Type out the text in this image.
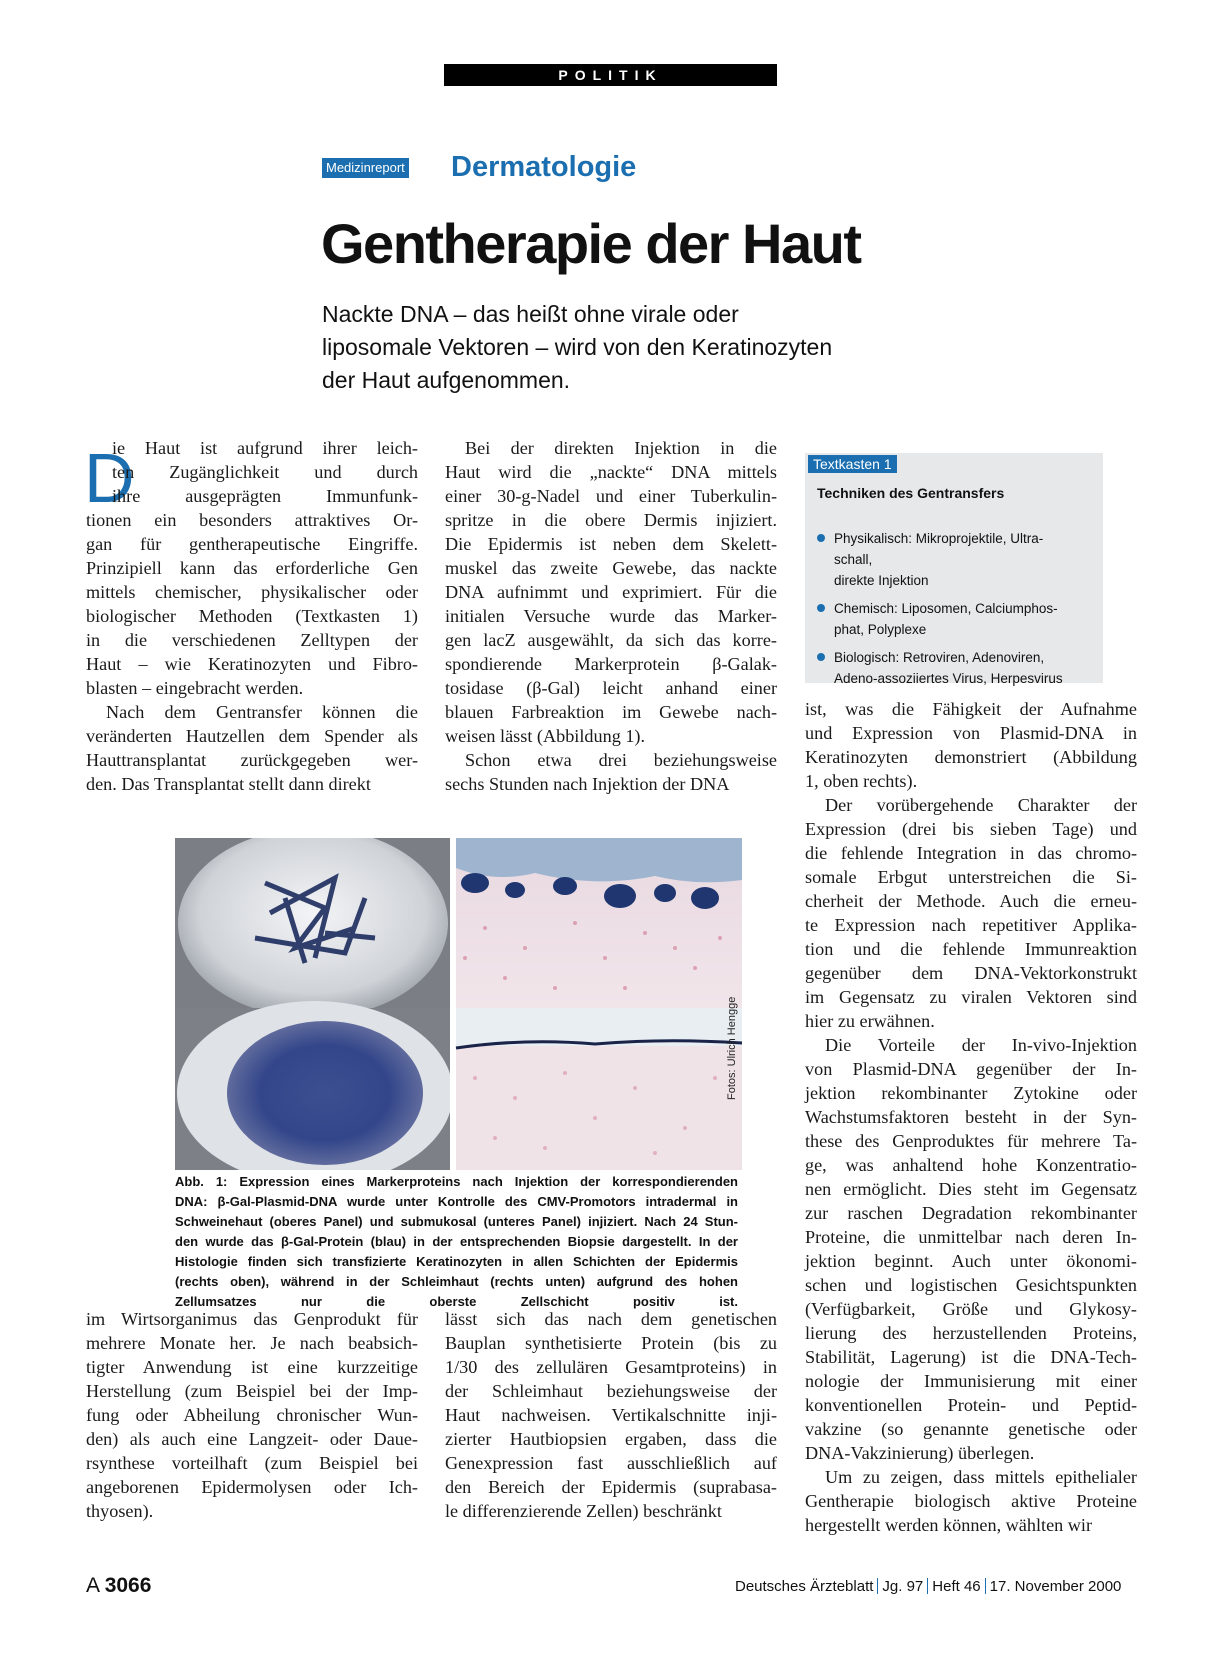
POLITIK
Medizinreport Dermatologie
Gentherapie der Haut
Nackte DNA – das heißt ohne virale oder
liposomale Vektoren – wird von den Keratinozyten
der Haut aufgenommen.
D
ie Haut ist aufgrund ihrer leich-
ten Zugänglichkeit und durch
ihre ausgeprägten Immunfunk-
tionen ein besonders attraktives Or-
gan für gentherapeutische Eingriffe.
Prinzipiell kann das erforderliche Gen
mittels chemischer, physikalischer oder
biologischer Methoden (Textkasten 1)
in die verschiedenen Zelltypen der
Haut – wie Keratinozyten und Fibro-
blasten – eingebracht werden.
Nach dem Gentransfer können die
veränderten Hautzellen dem Spender als
Hauttransplantat zurückgegeben wer-
den. Das Transplantat stellt dann direkt
Bei der direkten Injektion in die
Haut wird die „nackte“ DNA mittels
einer 30-g-Nadel und einer Tuberkulin-
spritze in die obere Dermis injiziert.
Die Epidermis ist neben dem Skelett-
muskel das zweite Gewebe, das nackte
DNA aufnimmt und exprimiert. Für die
initialen Versuche wurde das Marker-
gen lacZ ausgewählt, da sich das korre-
spondierende Markerprotein β-Galak-
tosidase (β-Gal) leicht anhand einer
blauen Farbreaktion im Gewebe nach-
weisen lässt (Abbildung 1).
Schon etwa drei beziehungsweise
sechs Stunden nach Injektion der DNA
ist, was die Fähigkeit der Aufnahme
und Expression von Plasmid-DNA in
Keratinozyten demonstriert (Abbildung
1, oben rechts).
Der vorübergehende Charakter der
Expression (drei bis sieben Tage) und
die fehlende Integration in das chromo-
somale Erbgut unterstreichen die Si-
cherheit der Methode. Auch die erneu-
te Expression nach repetitiver Applika-
tion und die fehlende Immunreaktion
gegenüber dem DNA-Vektorkonstrukt
im Gegensatz zu viralen Vektoren sind
hier zu erwähnen.
Die Vorteile der In-vivo-Injektion
von Plasmid-DNA gegenüber der In-
jektion rekombinanter Zytokine oder
Wachstumsfaktoren besteht in der Syn-
these des Genproduktes für mehrere Ta-
ge, was anhaltend hohe Konzentratio-
nen ermöglicht. Dies steht im Gegensatz
zur raschen Degradation rekombinanter
Proteine, die unmittelbar nach deren In-
jektion beginnt. Auch unter ökonomi-
schen und logistischen Gesichtspunkten
(Verfügbarkeit, Größe und Glykosy-
lierung des herzustellenden Proteins,
Stabilität, Lagerung) ist die DNA-Tech-
nologie der Immunisierung mit einer
konventionellen Protein- und Peptid-
vakzine (so genannte genetische oder
DNA-Vakzinierung) überlegen.
Um zu zeigen, dass mittels epithelialer
Gentherapie biologisch aktive Proteine
hergestellt werden können, wählten wir
im Wirtsorganimus das Genprodukt für
mehrere Monate her. Je nach beabsich-
tigter Anwendung ist eine kurzzeitige
Herstellung (zum Beispiel bei der Imp-
fung oder Abheilung chronischer Wun-
den) als auch eine Langzeit- oder Daue-
rsynthese vorteilhaft (zum Beispiel bei
angeborenen Epidermolysen oder Ich-
thyosen).
lässt sich das nach dem genetischen
Bauplan synthetisierte Protein (bis zu
1/30 des zellulären Gesamtproteins) in
der Schleimhaut beziehungsweise der
Haut nachweisen. Vertikalschnitte inji-
zierter Hautbiopsien ergaben, dass die
Genexpression fast ausschließlich auf
den Bereich der Epidermis (suprabasa-
le differenzierende Zellen) beschränkt
Textkasten 1
Techniken des Gentransfers
Physikalisch: Mikroprojektile, Ultra-
schall,
direkte Injektion
Chemisch: Liposomen, Calciumphos-
phat, Polyplexe
Biologisch: Retroviren, Adenoviren,
Adeno-assoziiertes Virus, Herpesvirus
Fotos: Ulrich Hengge
Abb. 1: Expression eines Markerproteins nach Injektion der korrespondierenden
DNA: β-Gal-Plasmid-DNA wurde unter Kontrolle des CMV-Promotors intradermal in
Schweinehaut (oberes Panel) und submukosal (unteres Panel) injiziert. Nach 24 Stun-
den wurde das β-Gal-Protein (blau) in der entsprechenden Biopsie dargestellt. In der
Histologie finden sich transfizierte Keratinozyten in allen Schichten der Epidermis
(rechts oben), während in der Schleimhaut (rechts unten) aufgrund des hohen
Zellumsatzes nur die oberste Zellschicht positiv ist.
A 3066	Deutsches Ärzteblatt Jg. 97 Heft 46 17. November 2000
